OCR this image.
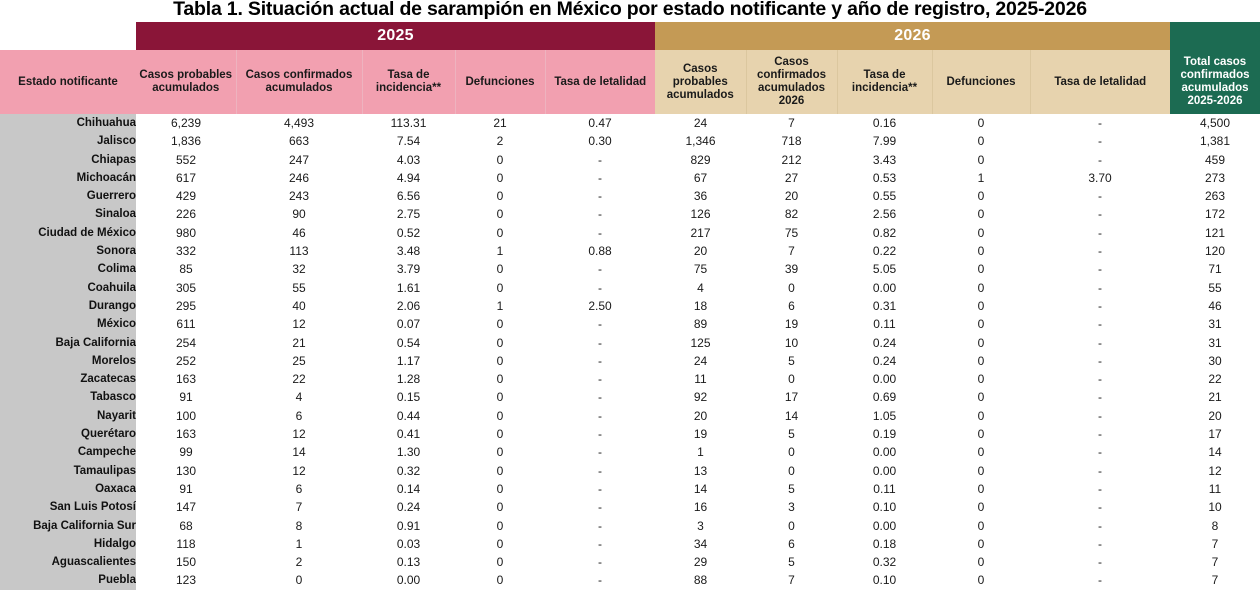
Tabla 1. Situación actual de sarampión en México por estado notificante y año de registro, 2025-2026
	2025					2026					
Estado notificante	Casos probables acumulados	Casos confirmados acumulados	Tasa de incidencia**	Defunciones	Tasa de letalidad	Casos probables acumulados	Casos confirmados acumulados 2026	Tasa de incidencia**	Defunciones	Tasa de letalidad	Total casos confirmados acumulados 2025-2026
Chihuahua	6,239	4,493	113.31	21	0.47	24	7	0.16	0	-	4,500
Jalisco	1,836	663	7.54	2	0.30	1,346	718	7.99	0	-	1,381
Chiapas	552	247	4.03	0	-	829	212	3.43	0	-	459
Michoacán	617	246	4.94	0	-	67	27	0.53	1	3.70	273
Guerrero	429	243	6.56	0	-	36	20	0.55	0	-	263
Sinaloa	226	90	2.75	0	-	126	82	2.56	0	-	172
Ciudad de México	980	46	0.52	0	-	217	75	0.82	0	-	121
Sonora	332	113	3.48	1	0.88	20	7	0.22	0	-	120
Colima	85	32	3.79	0	-	75	39	5.05	0	-	71
Coahuila	305	55	1.61	0	-	4	0	0.00	0	-	55
Durango	295	40	2.06	1	2.50	18	6	0.31	0	-	46
México	611	12	0.07	0	-	89	19	0.11	0	-	31
Baja California	254	21	0.54	0	-	125	10	0.24	0	-	31
Morelos	252	25	1.17	0	-	24	5	0.24	0	-	30
Zacatecas	163	22	1.28	0	-	11	0	0.00	0	-	22
Tabasco	91	4	0.15	0	-	92	17	0.69	0	-	21
Nayarit	100	6	0.44	0	-	20	14	1.05	0	-	20
Querétaro	163	12	0.41	0	-	19	5	0.19	0	-	17
Campeche	99	14	1.30	0	-	1	0	0.00	0	-	14
Tamaulipas	130	12	0.32	0	-	13	0	0.00	0	-	12
Oaxaca	91	6	0.14	0	-	14	5	0.11	0	-	11
San Luis Potosí	147	7	0.24	0	-	16	3	0.10	0	-	10
Baja California Sur	68	8	0.91	0	-	3	0	0.00	0	-	8
Hidalgo	118	1	0.03	0	-	34	6	0.18	0	-	7
Aguascalientes	150	2	0.13	0	-	29	5	0.32	0	-	7
Puebla	123	0	0.00	0	-	88	7	0.10	0	-	7
